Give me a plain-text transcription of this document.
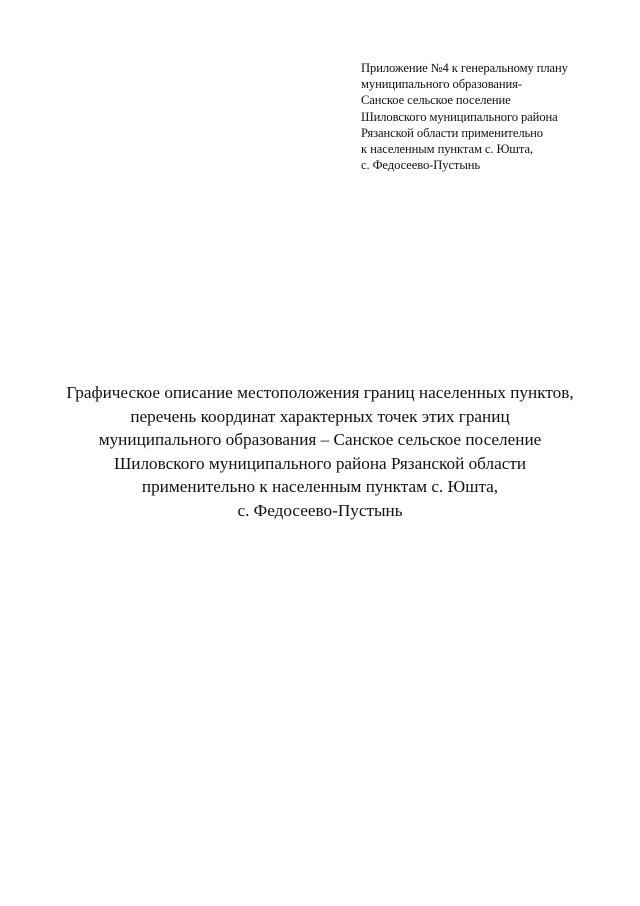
Приложение №4 к генеральному плану
муниципального образования-
Санское сельское поселение
Шиловского муниципального района
Рязанской области применительно
к населенным пунктам с. Юшта,
с. Федосеево-Пустынь
Графическое описание местоположения границ населенных пунктов,
перечень координат характерных точек этих границ
муниципального образования – Санское сельское поселение
Шиловского муниципального района Рязанской области
применительно к населенным пунктам с. Юшта,
с. Федосеево-Пустынь
